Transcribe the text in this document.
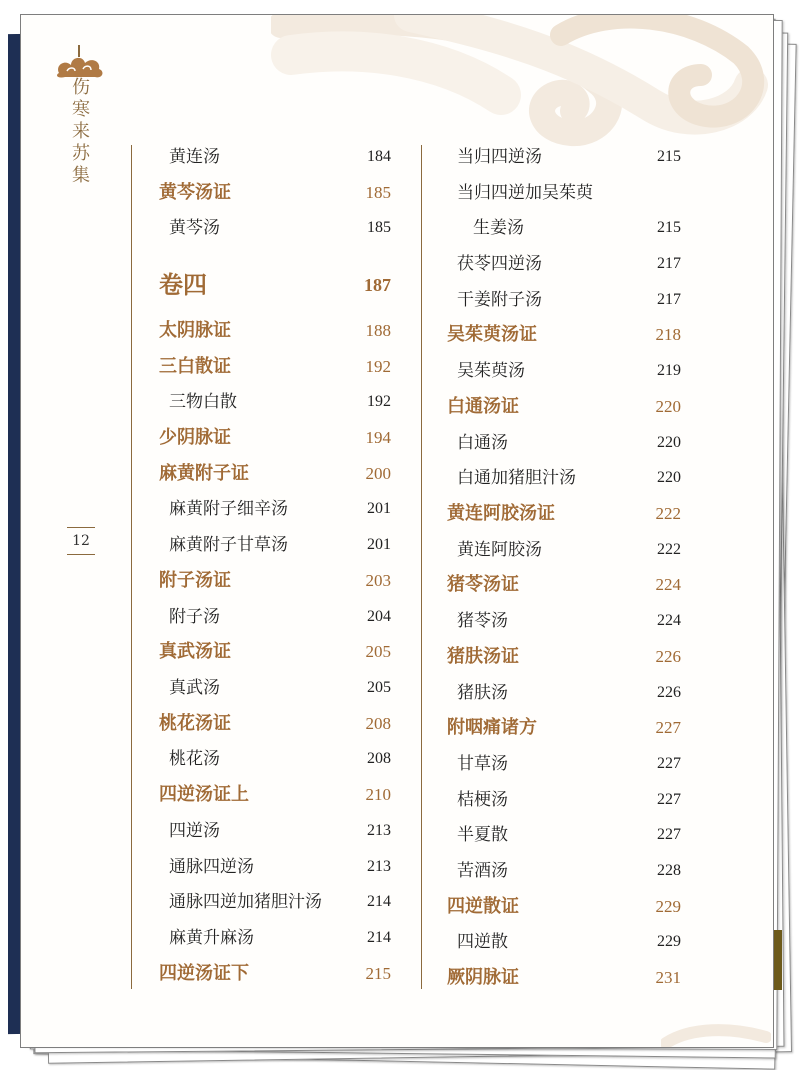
伤
寒
来
苏
集
12
黄连汤	184
黄芩汤证	185
黄芩汤	185
卷四	187
太阴脉证	188
三白散证	192
三物白散	192
少阴脉证	194
麻黄附子证	200
麻黄附子细辛汤	201
麻黄附子甘草汤	201
附子汤证	203
附子汤	204
真武汤证	205
真武汤	205
桃花汤证	208
桃花汤	208
四逆汤证上	210
四逆汤	213
通脉四逆汤	213
通脉四逆加猪胆汁汤	214
麻黄升麻汤	214
四逆汤证下	215
当归四逆汤	215
当归四逆加吴茱萸
生姜汤	215
茯苓四逆汤	217
干姜附子汤	217
吴茱萸汤证	218
吴茱萸汤	219
白通汤证	220
白通汤	220
白通加猪胆汁汤	220
黄连阿胶汤证	222
黄连阿胶汤	222
猪苓汤证	224
猪苓汤	224
猪肤汤证	226
猪肤汤	226
附咽痛诸方	227
甘草汤	227
桔梗汤	227
半夏散	227
苦酒汤	228
四逆散证	229
四逆散	229
厥阴脉证	231
